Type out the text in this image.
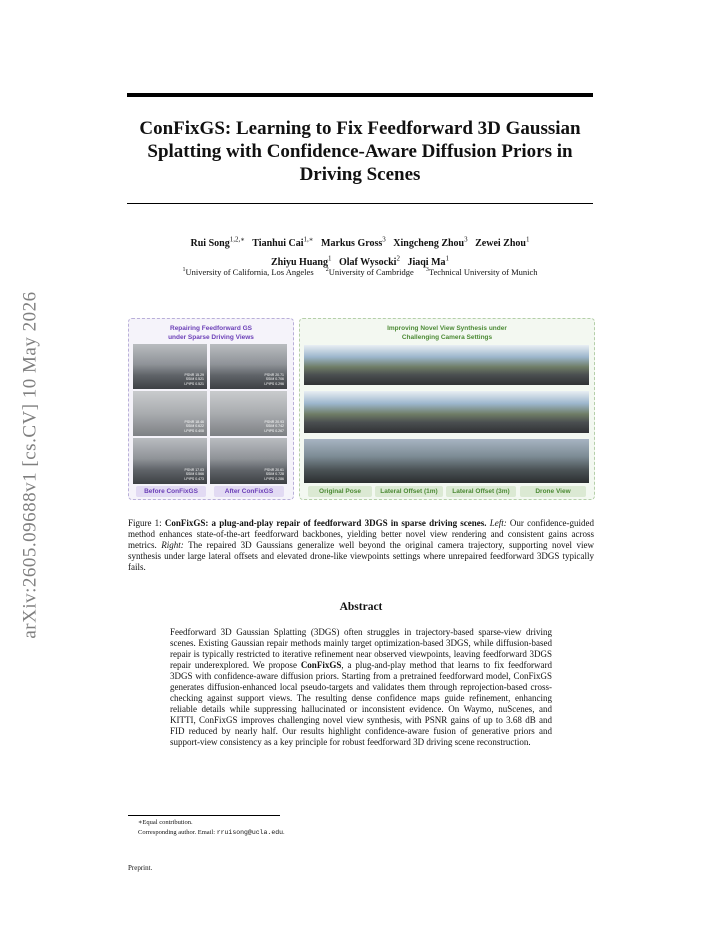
arXiv:2605.09688v1 [cs.CV] 10 May 2026
ConFixGS: Learning to Fix Feedforward 3D Gaussian Splatting with Confidence-Aware Diffusion Priors in Driving Scenes
Rui Song$^{1,2,∗}$ Tianhui Cai$^{1,∗}$ Markus Gross$^3$ Xingcheng Zhou$^3$ Zewei Zhou$^1$
Zhiyu Huang$^1$ Olaf Wysocki$^2$ Jiaqi Ma$^1$
$^1$University of California, Los Angeles $^2$University of Cambridge $^3$Technical University of Munich
Repairing Feedforward GS
under Sparse Driving Views
PSNR 15.29
SSIM 0.521
LPIPS 0.521
PSNR 20.71
SSIM 0.706
LPIPS 0.296
PSNR 18.46
SSIM 0.622
LPIPS 0.408
PSNR 20.93
SSIM 0.742
LPIPS 0.267
PSNR 17.03
SSIM 0.566
LPIPS 0.473
PSNR 20.61
SSIM 0.728
LPIPS 0.286
Before ConFixGS	After ConFixGS
Improving Novel View Synthesis under
Challenging Camera Settings
Original Pose	Lateral Offset (1m)	Lateral Offset (3m)	Drone View
Figure 1: ConFixGS: a plug-and-play repair of feedforward 3DGS in sparse driving scenes. Left: Our confidence-guided method enhances state-of-the-art feedforward backbones, yielding better novel view rendering and consistent gains across metrics. Right: The repaired 3D Gaussians generalize well beyond the original camera trajectory, supporting novel view synthesis under large lateral offsets and elevated drone-like viewpoints settings where unrepaired feedforward 3DGS typically fails.
Abstract
Feedforward 3D Gaussian Splatting (3DGS) often struggles in trajectory-based sparse-view driving scenes. Existing Gaussian repair methods mainly target optimization-based 3DGS, while diffusion-based repair is typically restricted to iterative refinement near observed viewpoints, leaving feedforward 3DGS repair underexplored. We propose ConFixGS, a plug-and-play method that learns to fix feedforward 3DGS with confidence-aware diffusion priors. Starting from a pretrained feedforward model, ConFixGS generates diffusion-enhanced local pseudo-targets and validates them through reprojection-based cross-checking against support views. The resulting dense confidence maps guide refinement, enhancing reliable details while suppressing hallucinated or inconsistent evidence. On Waymo, nuScenes, and KITTI, ConFixGS improves challenging novel view synthesis, with PSNR gains of up to 3.68 dB and FID reduced by nearly half. Our results highlight confidence-aware fusion of generative priors and support-view consistency as a key principle for robust feedforward 3D driving scene reconstruction.
∗Equal contribution.
Corresponding author. Email: rruisong@ucla.edu.
Preprint.
